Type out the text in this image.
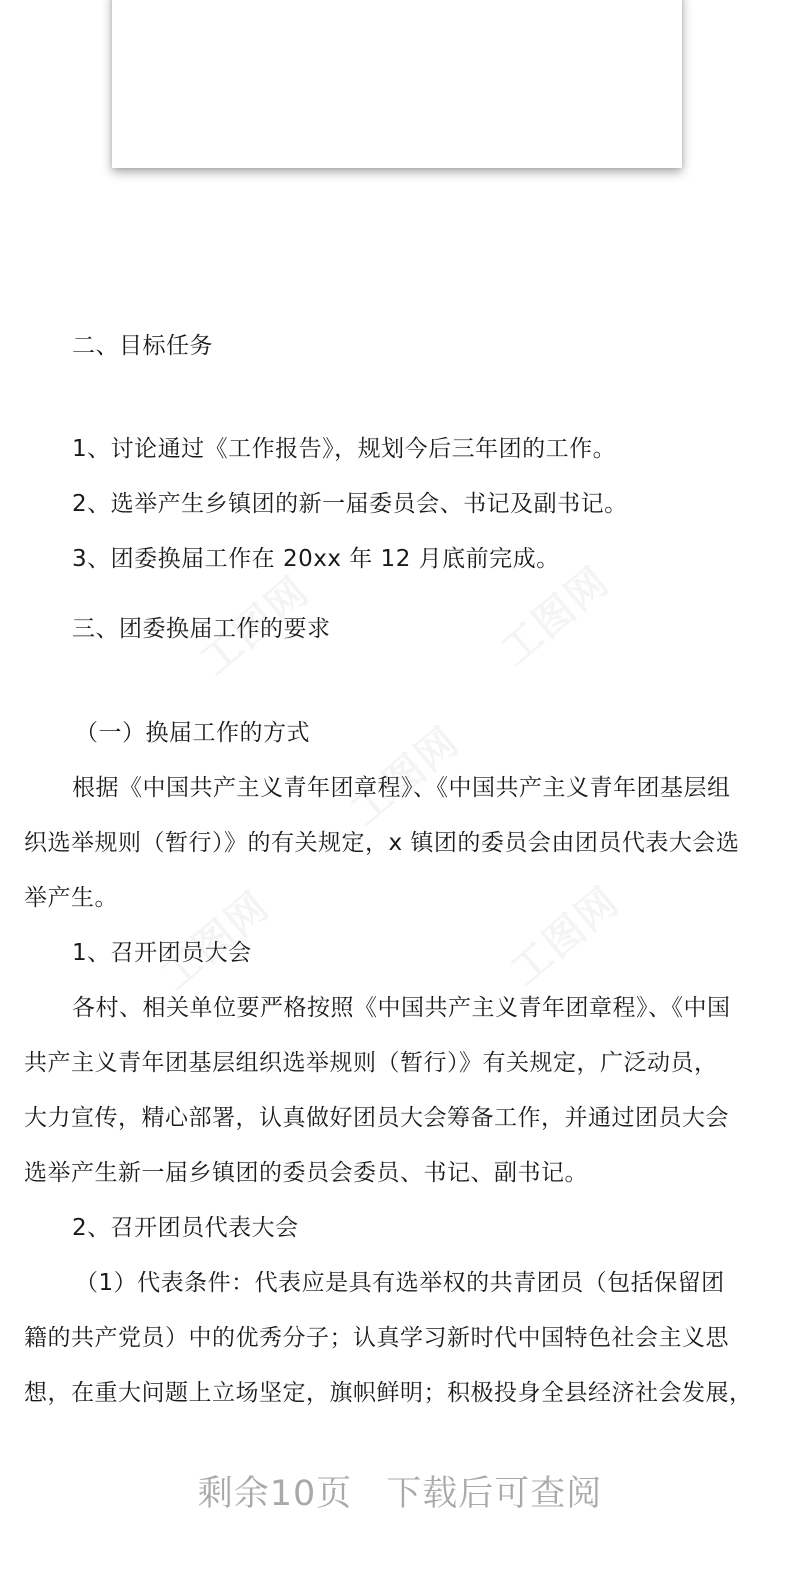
二、目标任务
1、讨论通过《工作报告》，规划今后三年团的工作。
2、选举产生乡镇团的新一届委员会、书记及副书记。
3、团委换届工作在 20xx 年 12 月底前完成。
三、团委换届工作的要求
（一）换届工作的方式
根据《中国共产主义青年团章程》、《中国共产主义青年团基层组
织选举规则（暂行）》的有关规定，x 镇团的委员会由团员代表大会选
举产生。
1、召开团员大会
各村、相关单位要严格按照《中国共产主义青年团章程》、《中国
共产主义青年团基层组织选举规则（暂行）》有关规定，广泛动员，
大力宣传，精心部署，认真做好团员大会筹备工作，并通过团员大会
选举产生新一届乡镇团的委员会委员、书记、副书记。
2、召开团员代表大会
（1）代表条件：代表应是具有选举权的共青团员（包括保留团
籍的共产党员）中的优秀分子；认真学习新时代中国特色社会主义思
想，在重大问题上立场坚定，旗帜鲜明；积极投身全县经济社会发展，
剩余10页 下载后可查阅
